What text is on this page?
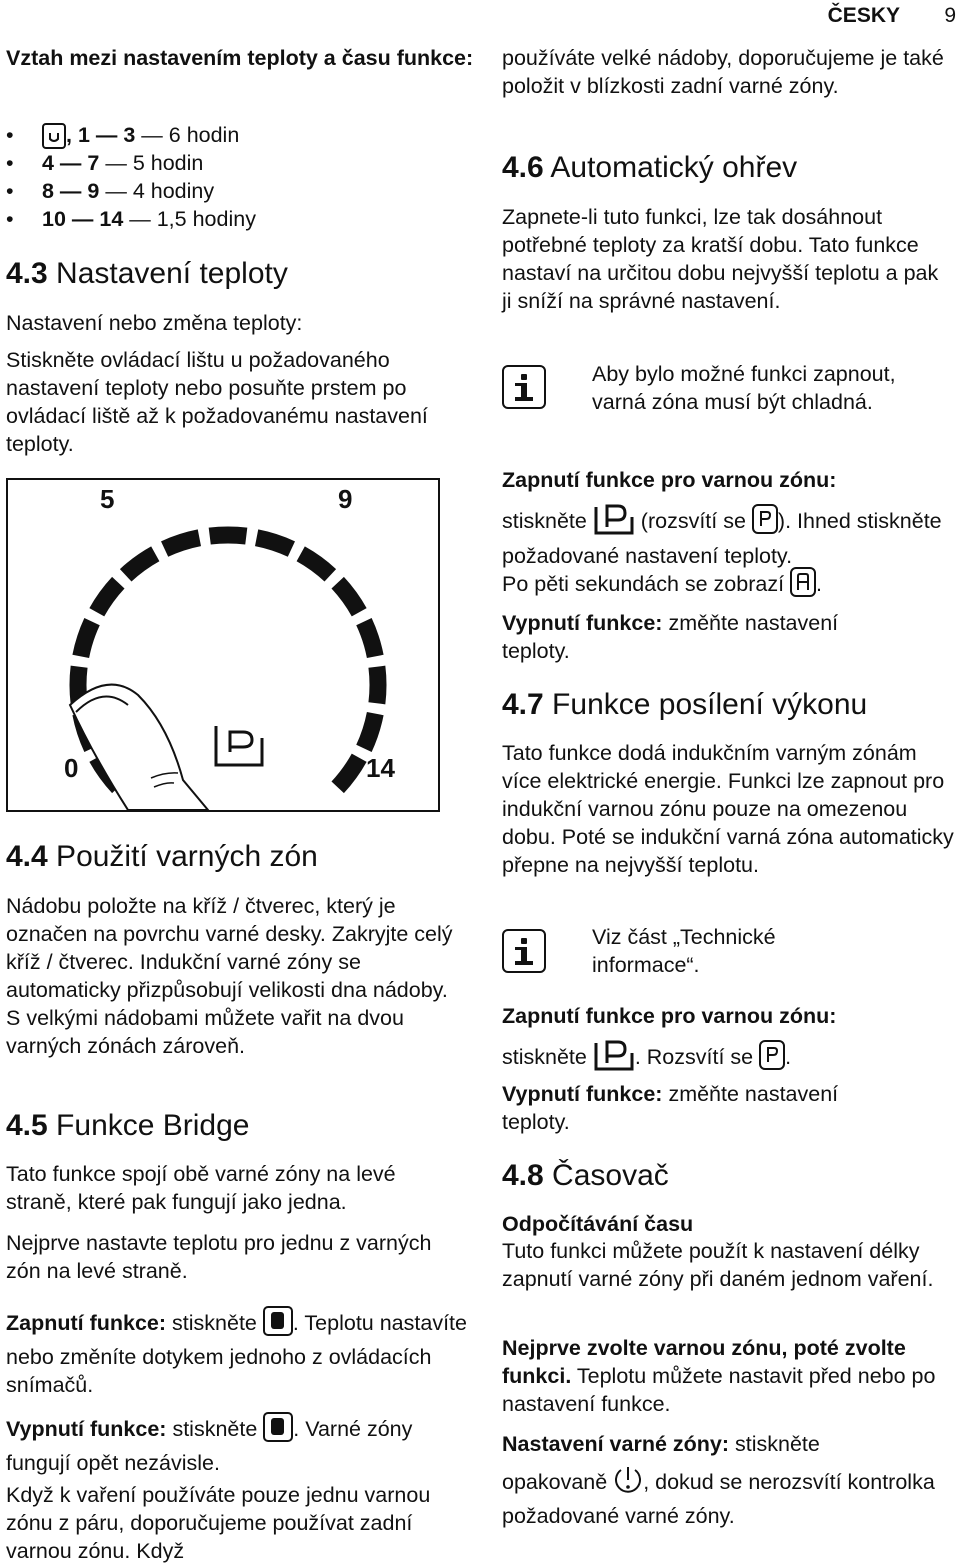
ČESKY 9

Vztah mezi nastavením teploty a času funkce:

• , 1 — 3 — 6 hodin
• 4 — 7 — 5 hodin
• 8 — 9 — 4 hodiny
• 10 — 14 — 1,5 hodiny
4.3 Nastavení teploty

Nastavení nebo změna teploty:

Stiskněte ovládací lištu u požadovaného nastavení teploty nebo posuňte prstem po ovládací liště až k požadovanému nastavení teploty.

5	9
0	14
4.4 Použití varných zón

Nádobu položte na kříž / čtverec, který je označen na povrchu varné desky. Zakryjte celý kříž / čtverec. Indukční varné zóny se automaticky přizpůsobují velikosti dna nádoby. S velkými nádobami můžete vařit na dvou varných zónách zároveň.

4.5 Funkce Bridge

Tato funkce spojí obě varné zóny na levé straně, které pak fungují jako jedna.

Nejprve nastavte teplotu pro jednu z varných zón na levé straně.

Zapnutí funkce: stiskněte . Teplotu nastavíte nebo změníte dotykem jednoho z ovládacích snímačů.

Vypnutí funkce: stiskněte . Varné zóny fungují opět nezávisle.

Když k vaření používáte pouze jednu varnou zónu z páru, doporučujeme používat zadní varnou zónu. Když

používáte velké nádoby, doporučujeme je také položit v blízkosti zadní varné zóny.

4.6 Automatický ohřev

Zapnete-li tuto funkci, lze tak dosáhnout potřebné teploty za kratší dobu. Tato funkce nastaví na určitou dobu nejvyšší teplotu a pak ji sníží na správné nastavení.

Aby bylo možné funkci zapnout, varná zóna musí být chladná.

Zapnutí funkce pro varnou zónu:

stiskněte  (rozsvítí se ). Ihned stiskněte požadované nastavení teploty.

Po pěti sekundách se zobrazí .

Vypnutí funkce: změňte nastavení teploty.

4.7 Funkce posílení výkonu

Tato funkce dodá indukčním varným zónám více elektrické energie. Funkci lze zapnout pro indukční varnou zónu pouze na omezenou dobu. Poté se indukční varná zóna automaticky přepne na nejvyšší teplotu.

Viz část „Technické informace“.

Zapnutí funkce pro varnou zónu:

stiskněte . Rozsvítí se .

Vypnutí funkce: změňte nastavení teploty.

4.8 Časovač

Odpočítávání času

Tuto funkci můžete použít k nastavení délky zapnutí varné zóny při daném jednom vaření.

Nejprve zvolte varnou zónu, poté zvolte funkci. Teplotu můžete nastavit před nebo po nastavení funkce.

Nastavení varné zóny: stiskněte

opakovaně , dokud se nerozsvítí kontrolka požadované varné zóny.
